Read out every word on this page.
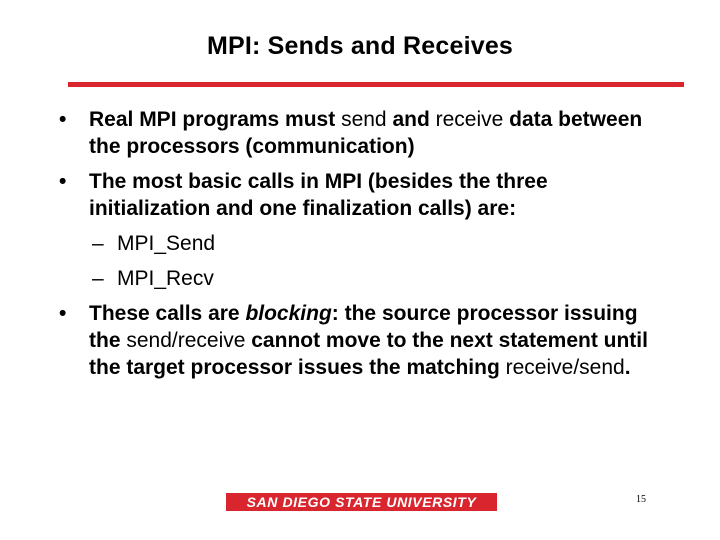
MPI: Sends and Receives
• Real MPI programs must send and receive data between the processors (communication)
• The most basic calls in MPI (besides the three initialization and one finalization calls) are:
– MPI_Send
– MPI_Recv
• These calls are blocking: the source processor issuing the send/receive cannot move to the next statement until the target processor issues the matching receive/send.
SAN DIEGO STATE UNIVERSITY	15
